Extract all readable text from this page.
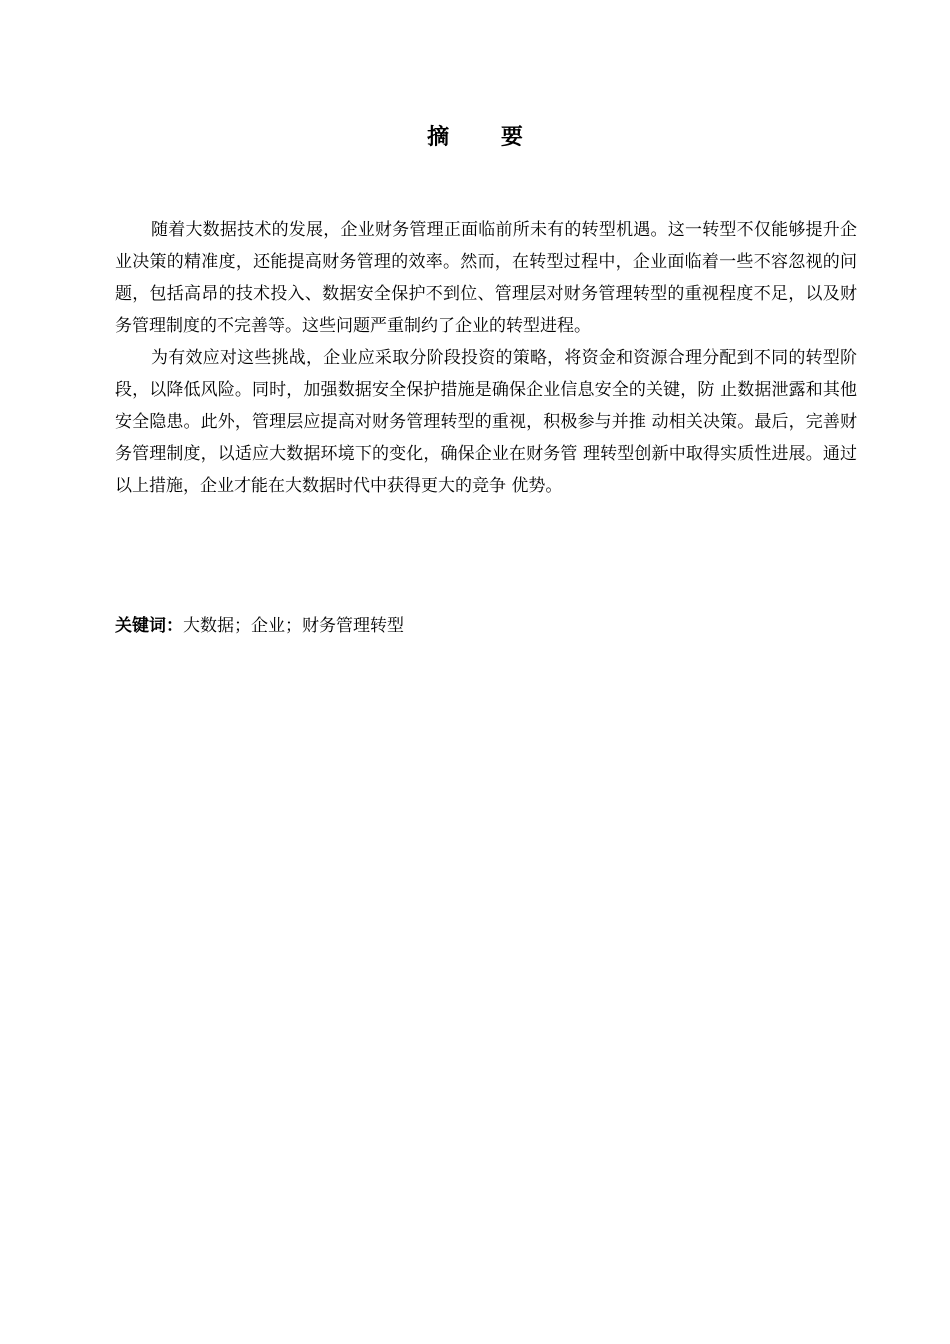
摘 要

随着大数据技术的发展，企业财务管理正面临前所未有的转型机遇。这一转型不仅能够提升企业决策的精准度，还能提高财务管理的效率。然而，在转型过程中，企业面临着一些不容忽视的问题，包括高昂的技术投入、数据安全保护不到位、管理层对财务管理转型的重视程度不足，以及财务管理制度的不完善等。这些问题严重制约了企业的转型进程。

为有效应对这些挑战，企业应采取分阶段投资的策略，将资金和资源合理分配到不同的转型阶段，以降低风险。同时，加强数据安全保护措施是确保企业信息安全的关键，防 止数据泄露和其他安全隐患。此外，管理层应提高对财务管理转型的重视，积极参与并推 动相关决策。最后，完善财务管理制度，以适应大数据环境下的变化，确保企业在财务管 理转型创新中取得实质性进展。通过以上措施，企业才能在大数据时代中获得更大的竞争 优势。

关键词：大数据；企业；财务管理转型
